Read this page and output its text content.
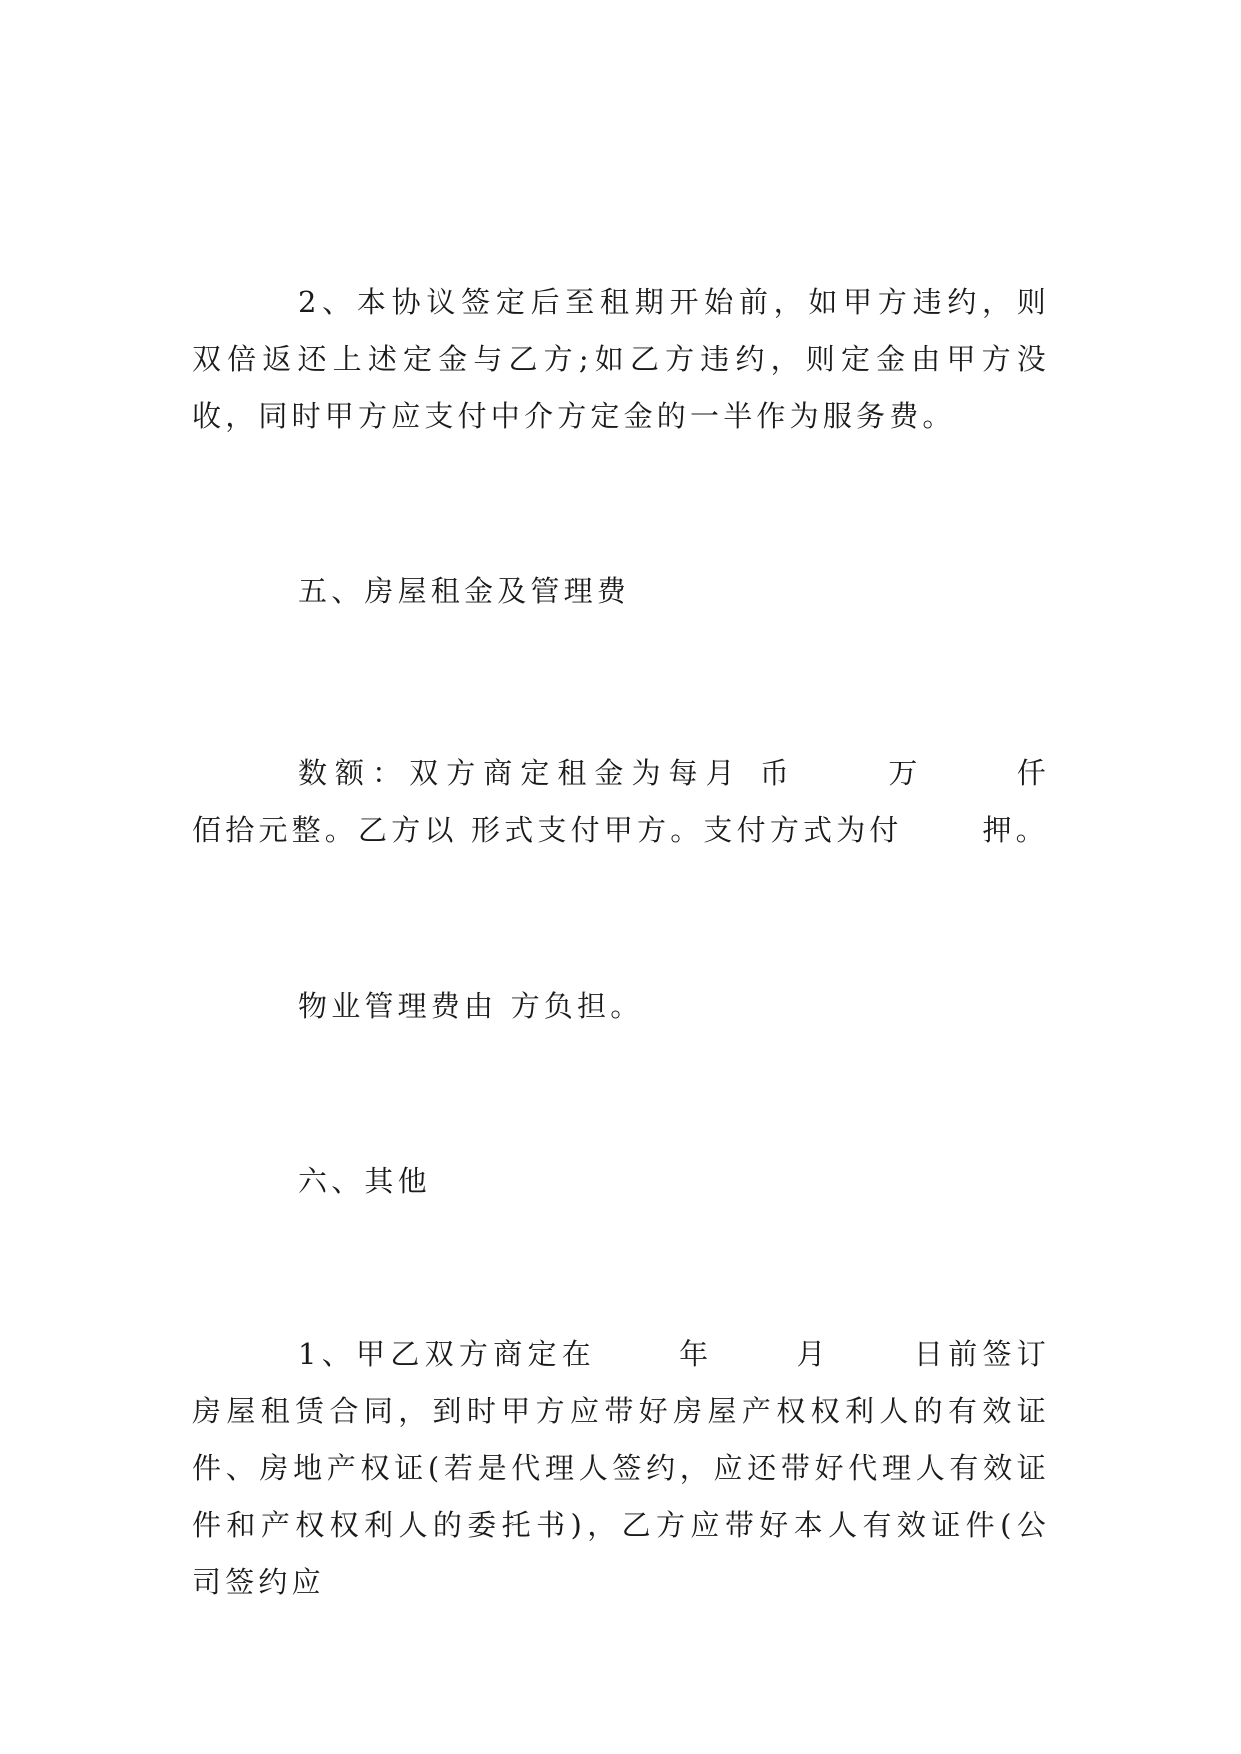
2、本协议签定后至租期开始前，如甲方违约，则双倍返还上述定金与乙方;如乙方违约，则定金由甲方没收，同时甲方应支付中介方定金的一半作为服务费。

五、房屋租金及管理费

数额：双方商定租金为每月 币　　 万　　 仟　　 佰拾元整。乙方以 形式支付甲方。支付方式为付　　 押。

物业管理费由 方负担。

六、其他

1、甲乙双方商定在　　 年　　 月　　 日前签订房屋租赁合同，到时甲方应带好房屋产权权利人的有效证件、房地产权证(若是代理人签约，应还带好代理人有效证件和产权权利人的委托书)，乙方应带好本人有效证件(公司签约应
